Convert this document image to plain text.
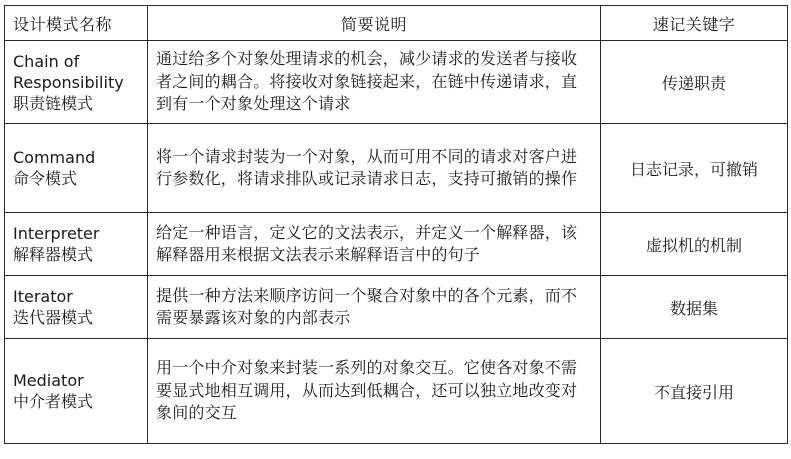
设计模式名称	简要说明	速记关键字

Chain of Responsibility
职责链模式	通过给多个对象处理请求的机会，减少请求的发送者与接收者之间的耦合。将接收对象链接起来，在链中传递请求，直到有一个对象处理这个请求	传递职责

Command
命令模式	将一个请求封装为一个对象，从而可用不同的请求对客户进行参数化，将请求排队或记录请求日志，支持可撤销的操作	日志记录，可撤销

Interpreter
解释器模式	给定一种语言，定义它的文法表示，并定义一个解释器，该解释器用来根据文法表示来解释语言中的句子	虚拟机的机制

Iterator
迭代器模式	提供一种方法来顺序访问一个聚合对象中的各个元素，而不需要暴露该对象的内部表示	数据集

Mediator
中介者模式	用一个中介对象来封装一系列的对象交互。它使各对象不需要显式地相互调用，从而达到低耦合，还可以独立地改变对象间的交互	不直接引用
